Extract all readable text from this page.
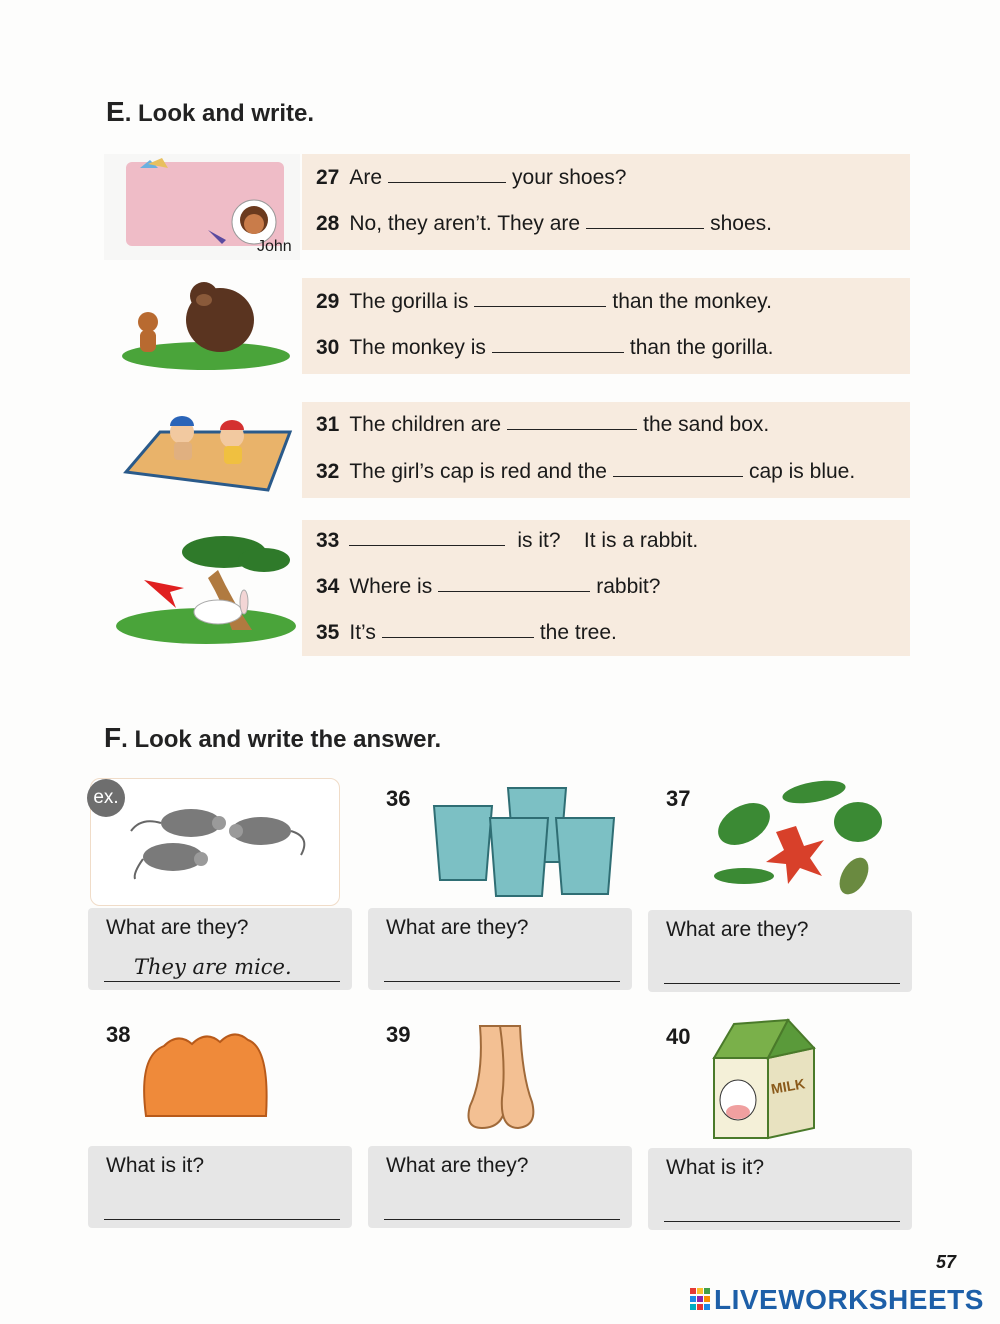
E. Look and write.
John
27 Are	your shoes?
28 No, they aren’t. They are	shoes.
29 The gorilla is	than the monkey.
30 The monkey is	than the gorilla.
31 The children are	the sand box.
32 The girl’s cap is red and the	cap is blue.
33	is it?    It is a rabbit.
34 Where is	rabbit?
35 It’s	the tree.
F. Look and write the answer.
ex.	36	37
What are they?
They are mice.
What are they?	What are they?
38	39	40
MILK
What is it?	What are they?	What is it?
57
LIVEWORKSHEETS
